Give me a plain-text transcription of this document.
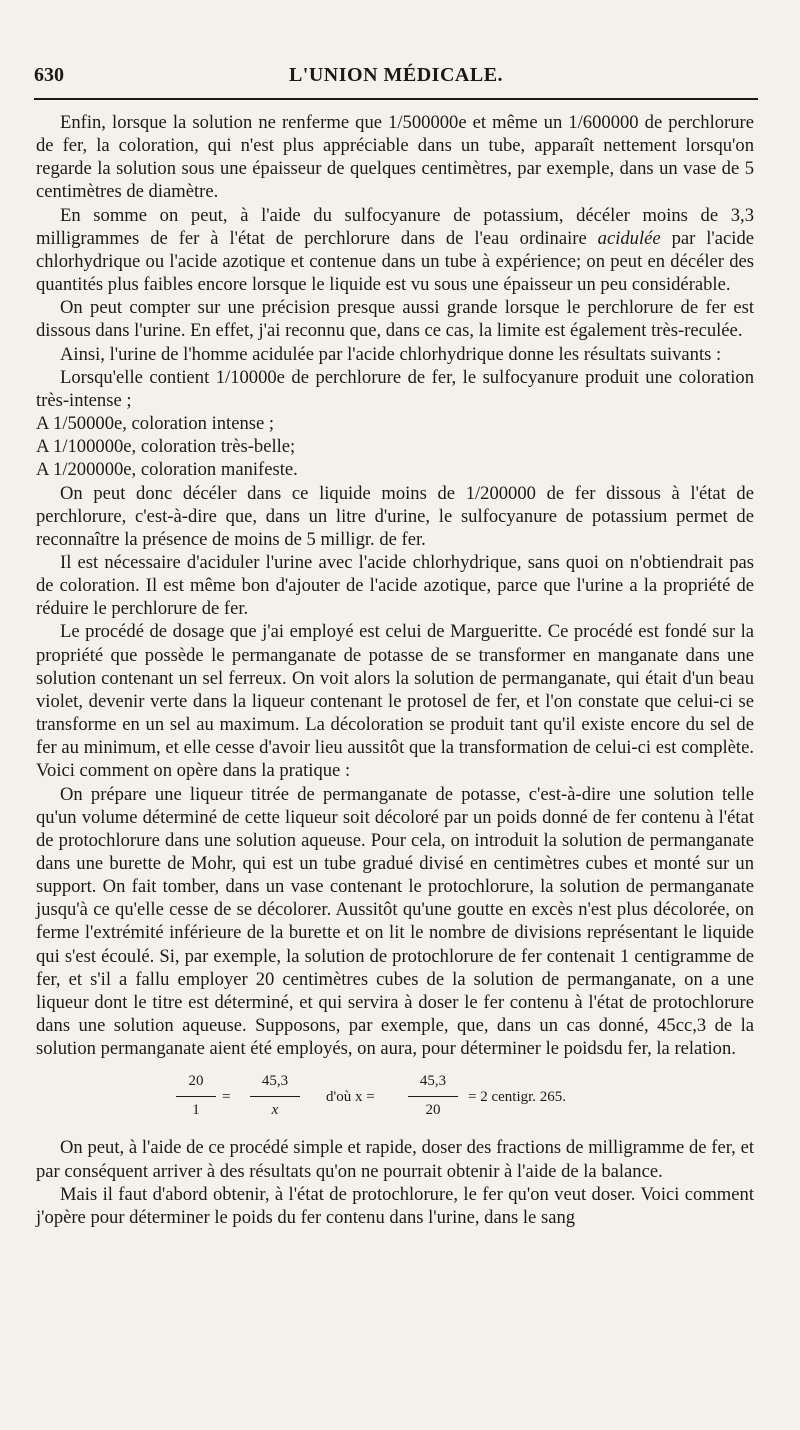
630	L'UNION MÉDICALE.

Enfin, lorsque la solution ne renferme que 1/500000e et même un 1/600000 de perchlorure de fer, la coloration, qui n'est plus appréciable dans un tube, apparaît nettement lorsqu'on regarde la solution sous une épaisseur de quelques centimètres, par exemple, dans un vase de 5 centimètres de diamètre.

En somme on peut, à l'aide du sulfocyanure de potassium, décéler moins de 3,3 milligrammes de fer à l'état de perchlorure dans de l'eau ordinaire acidulée par l'acide chlorhydrique ou l'acide azotique et contenue dans un tube à expérience; on peut en décéler des quantités plus faibles encore lorsque le liquide est vu sous une épaisseur un peu considérable.

On peut compter sur une précision presque aussi grande lorsque le perchlorure de fer est dissous dans l'urine. En effet, j'ai reconnu que, dans ce cas, la limite est également très-reculée.

Ainsi, l'urine de l'homme acidulée par l'acide chlorhydrique donne les résultats suivants :

Lorsqu'elle contient 1/10000e de perchlorure de fer, le sulfocyanure produit une coloration très-intense ;

A 1/50000e, coloration intense ;

A 1/100000e, coloration très-belle;

A 1/200000e, coloration manifeste.

On peut donc décéler dans ce liquide moins de 1/200000 de fer dissous à l'état de perchlorure, c'est-à-dire que, dans un litre d'urine, le sulfocyanure de potassium permet de reconnaître la présence de moins de 5 milligr. de fer.

Il est nécessaire d'aciduler l'urine avec l'acide chlorhydrique, sans quoi on n'obtiendrait pas de coloration. Il est même bon d'ajouter de l'acide azotique, parce que l'urine a la propriété de réduire le perchlorure de fer.

Le procédé de dosage que j'ai employé est celui de Margueritte. Ce procédé est fondé sur la propriété que possède le permanganate de potasse de se transformer en manganate dans une solution contenant un sel ferreux. On voit alors la solution de permanganate, qui était d'un beau violet, devenir verte dans la liqueur contenant le protosel de fer, et l'on constate que celui-ci se transforme en un sel au maximum. La décoloration se produit tant qu'il existe encore du sel de fer au minimum, et elle cesse d'avoir lieu aussitôt que la transformation de celui-ci est complète. Voici comment on opère dans la pratique :

On prépare une liqueur titrée de permanganate de potasse, c'est-à-dire une solution telle qu'un volume déterminé de cette liqueur soit décoloré par un poids donné de fer contenu à l'état de protochlorure dans une solution aqueuse. Pour cela, on introduit la solution de permanganate dans une burette de Mohr, qui est un tube gradué divisé en centimètres cubes et monté sur un support. On fait tomber, dans un vase contenant le protochlorure, la solution de permanganate jusqu'à ce qu'elle cesse de se décolorer. Aussitôt qu'une goutte en excès n'est plus décolorée, on ferme l'extrémité inférieure de la burette et on lit le nombre de divisions représentant le liquide qui s'est écoulé. Si, par exemple, la solution de protochlorure de fer contenait 1 centigramme de fer, et s'il a fallu employer 20 centimètres cubes de la solution de permanganate, on a une liqueur dont le titre est déterminé, et qui servira à doser le fer contenu à l'état de protochlorure dans une solution aqueuse. Supposons, par exemple, que, dans un cas donné, 45cc,3 de la solution permanganate aient été employés, on aura, pour déterminer le poidsdu fer, la relation.

20
1
=
45,3
x
d'où x =
45,3
20
= 2 centigr. 265.

On peut, à l'aide de ce procédé simple et rapide, doser des fractions de milligramme de fer, et par conséquent arriver à des résultats qu'on ne pourrait obtenir à l'aide de la balance.

Mais il faut d'abord obtenir, à l'état de protochlorure, le fer qu'on veut doser. Voici comment j'opère pour déterminer le poids du fer contenu dans l'urine, dans le sang
